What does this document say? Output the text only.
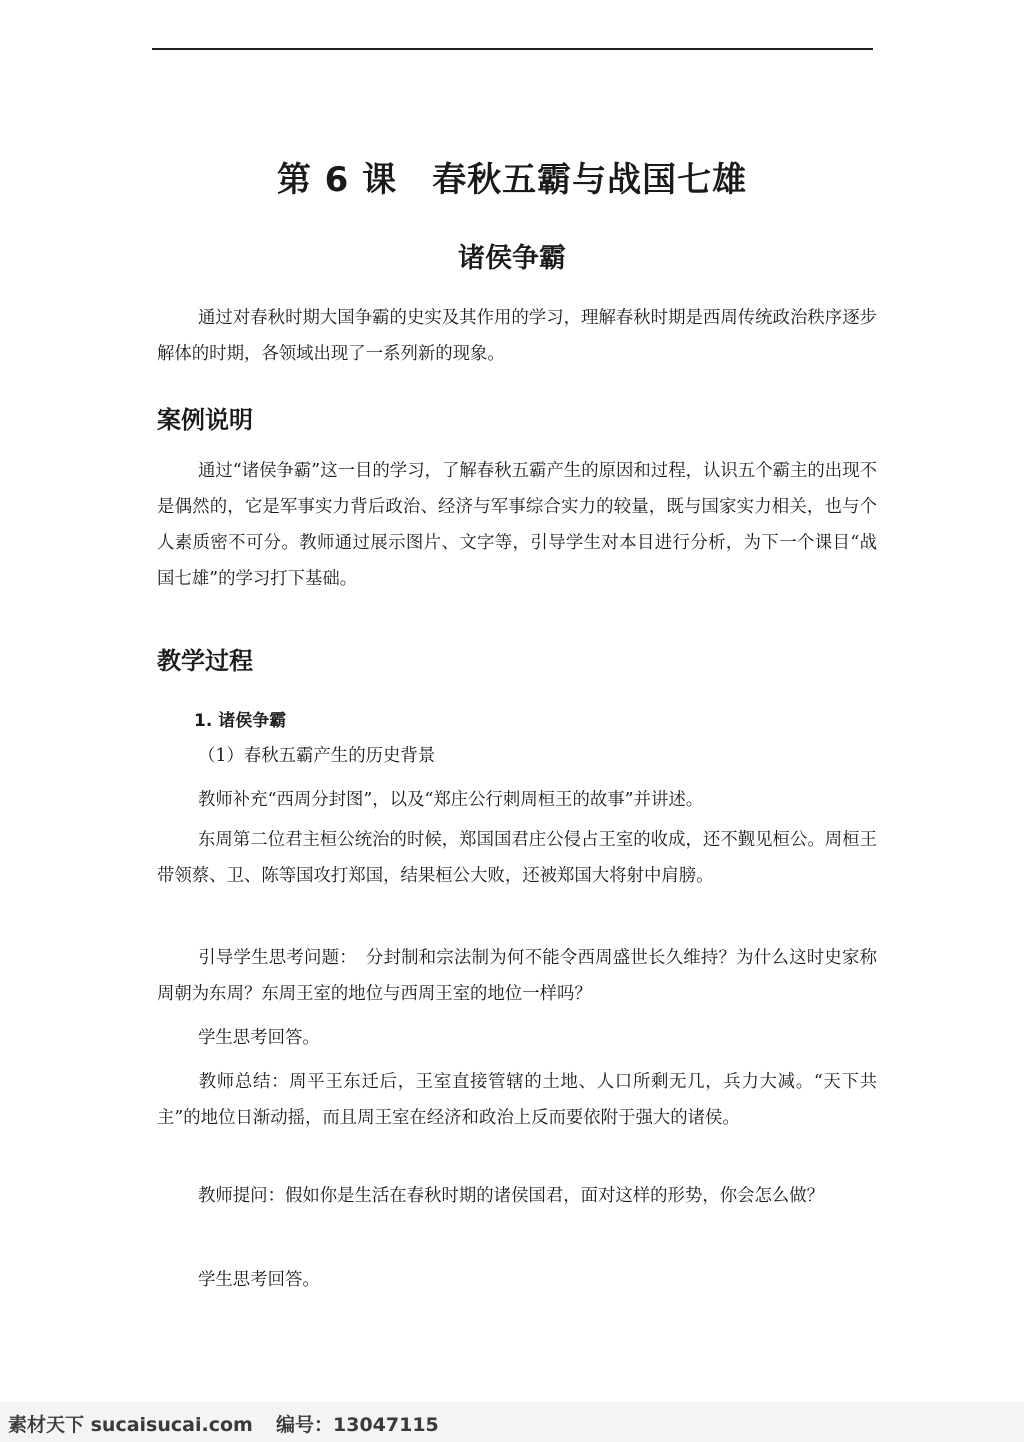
第 6 课　春秋五霸与战国七雄
诸侯争霸
通过对春秋时期大国争霸的史实及其作用的学习，理解春秋时期是西周传统政治秩序逐步解体的时期，各领域出现了一系列新的现象。
案例说明
通过“诸侯争霸”这一目的学习，了解春秋五霸产生的原因和过程，认识五个霸主的出现不是偶然的，它是军事实力背后政治、经济与军事综合实力的较量，既与国家实力相关，也与个人素质密不可分。教师通过展示图片、文字等，引导学生对本目进行分析，为下一个课目“战国七雄”的学习打下基础。
教学过程
1. 诸侯争霸
（1）春秋五霸产生的历史背景
教师补充“西周分封图”，以及“郑庄公行刺周桓王的故事”并讲述。
东周第二位君主桓公统治的时候，郑国国君庄公侵占王室的收成，还不觐见桓公。周桓王带领蔡、卫、陈等国攻打郑国，结果桓公大败，还被郑国大将射中肩膀。
引导学生思考问题：　分封制和宗法制为何不能令西周盛世长久维持？为什么这时史家称周朝为东周？东周王室的地位与西周王室的地位一样吗？
学生思考回答。
教师总结：周平王东迁后，王室直接管辖的土地、人口所剩无几，兵力大减。“天下共主”的地位日渐动摇，而且周王室在经济和政治上反而要依附于强大的诸侯。
教师提问：假如你是生活在春秋时期的诸侯国君，面对这样的形势，你会怎么做？
学生思考回答。
素材天下 sucaisucai.com 编号：13047115
